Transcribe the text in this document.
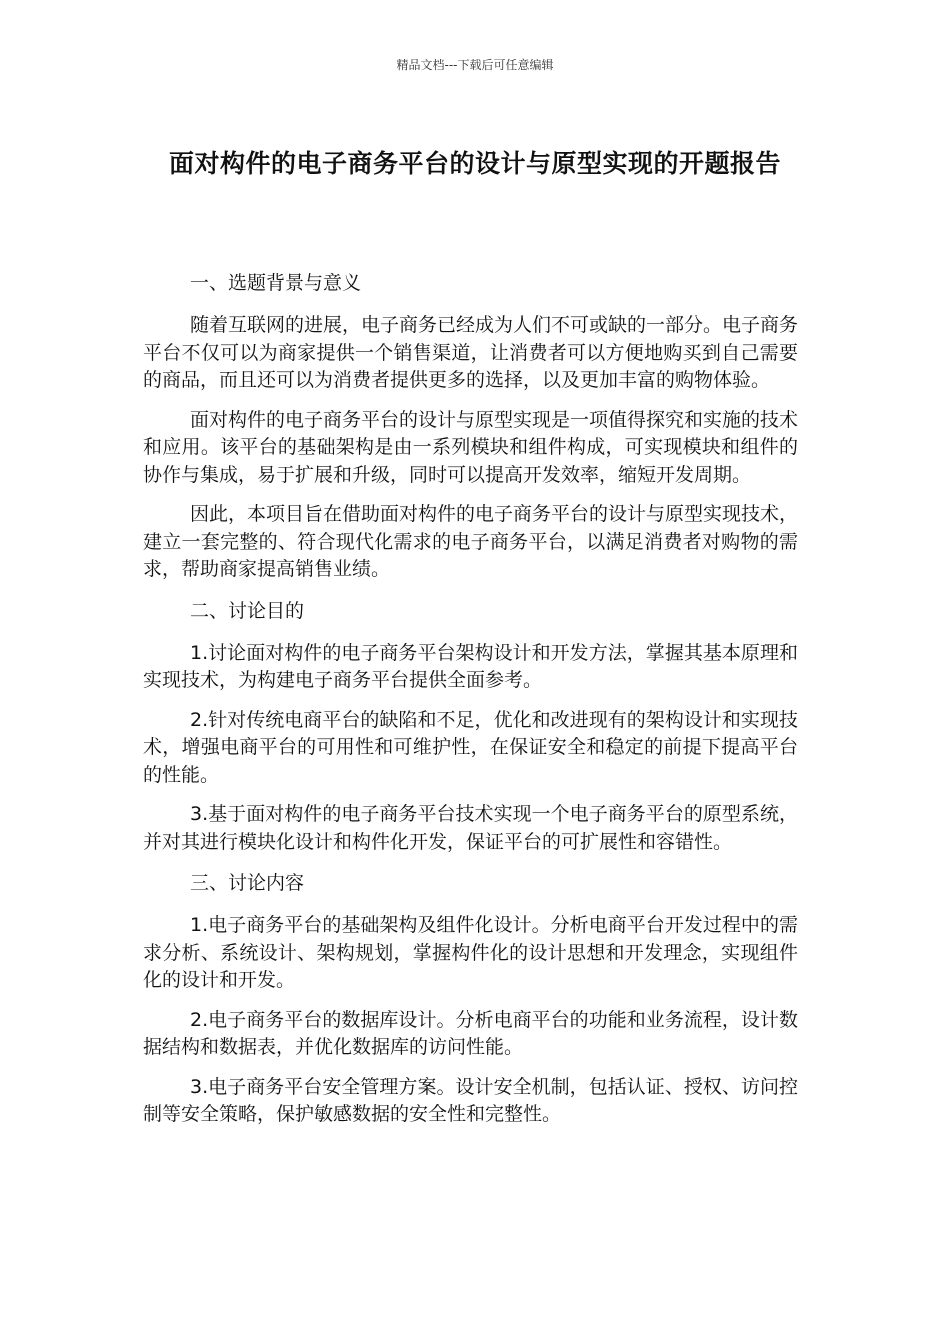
精品文档---下载后可任意编辑
面对构件的电子商务平台的设计与原型实现的开题报告
一、选题背景与意义

随着互联网的进展，电子商务已经成为人们不可或缺的一部分。电子商务平台不仅可以为商家提供一个销售渠道，让消费者可以方便地购买到自己需要的商品，而且还可以为消费者提供更多的选择，以及更加丰富的购物体验。

面对构件的电子商务平台的设计与原型实现是一项值得探究和实施的技术和应用。该平台的基础架构是由一系列模块和组件构成，可实现模块和组件的协作与集成，易于扩展和升级，同时可以提高开发效率，缩短开发周期。

因此，本项目旨在借助面对构件的电子商务平台的设计与原型实现技术，建立一套完整的、符合现代化需求的电子商务平台，以满足消费者对购物的需求，帮助商家提高销售业绩。

二、讨论目的

1.讨论面对构件的电子商务平台架构设计和开发方法，掌握其基本原理和实现技术，为构建电子商务平台提供全面参考。

2.针对传统电商平台的缺陷和不足，优化和改进现有的架构设计和实现技术，增强电商平台的可用性和可维护性，在保证安全和稳定的前提下提高平台的性能。

3.基于面对构件的电子商务平台技术实现一个电子商务平台的原型系统，并对其进行模块化设计和构件化开发，保证平台的可扩展性和容错性。

三、讨论内容

1.电子商务平台的基础架构及组件化设计。分析电商平台开发过程中的需求分析、系统设计、架构规划，掌握构件化的设计思想和开发理念，实现组件化的设计和开发。

2.电子商务平台的数据库设计。分析电商平台的功能和业务流程，设计数据结构和数据表，并优化数据库的访问性能。

3.电子商务平台安全管理方案。设计安全机制，包括认证、授权、访问控制等安全策略，保护敏感数据的安全性和完整性。
